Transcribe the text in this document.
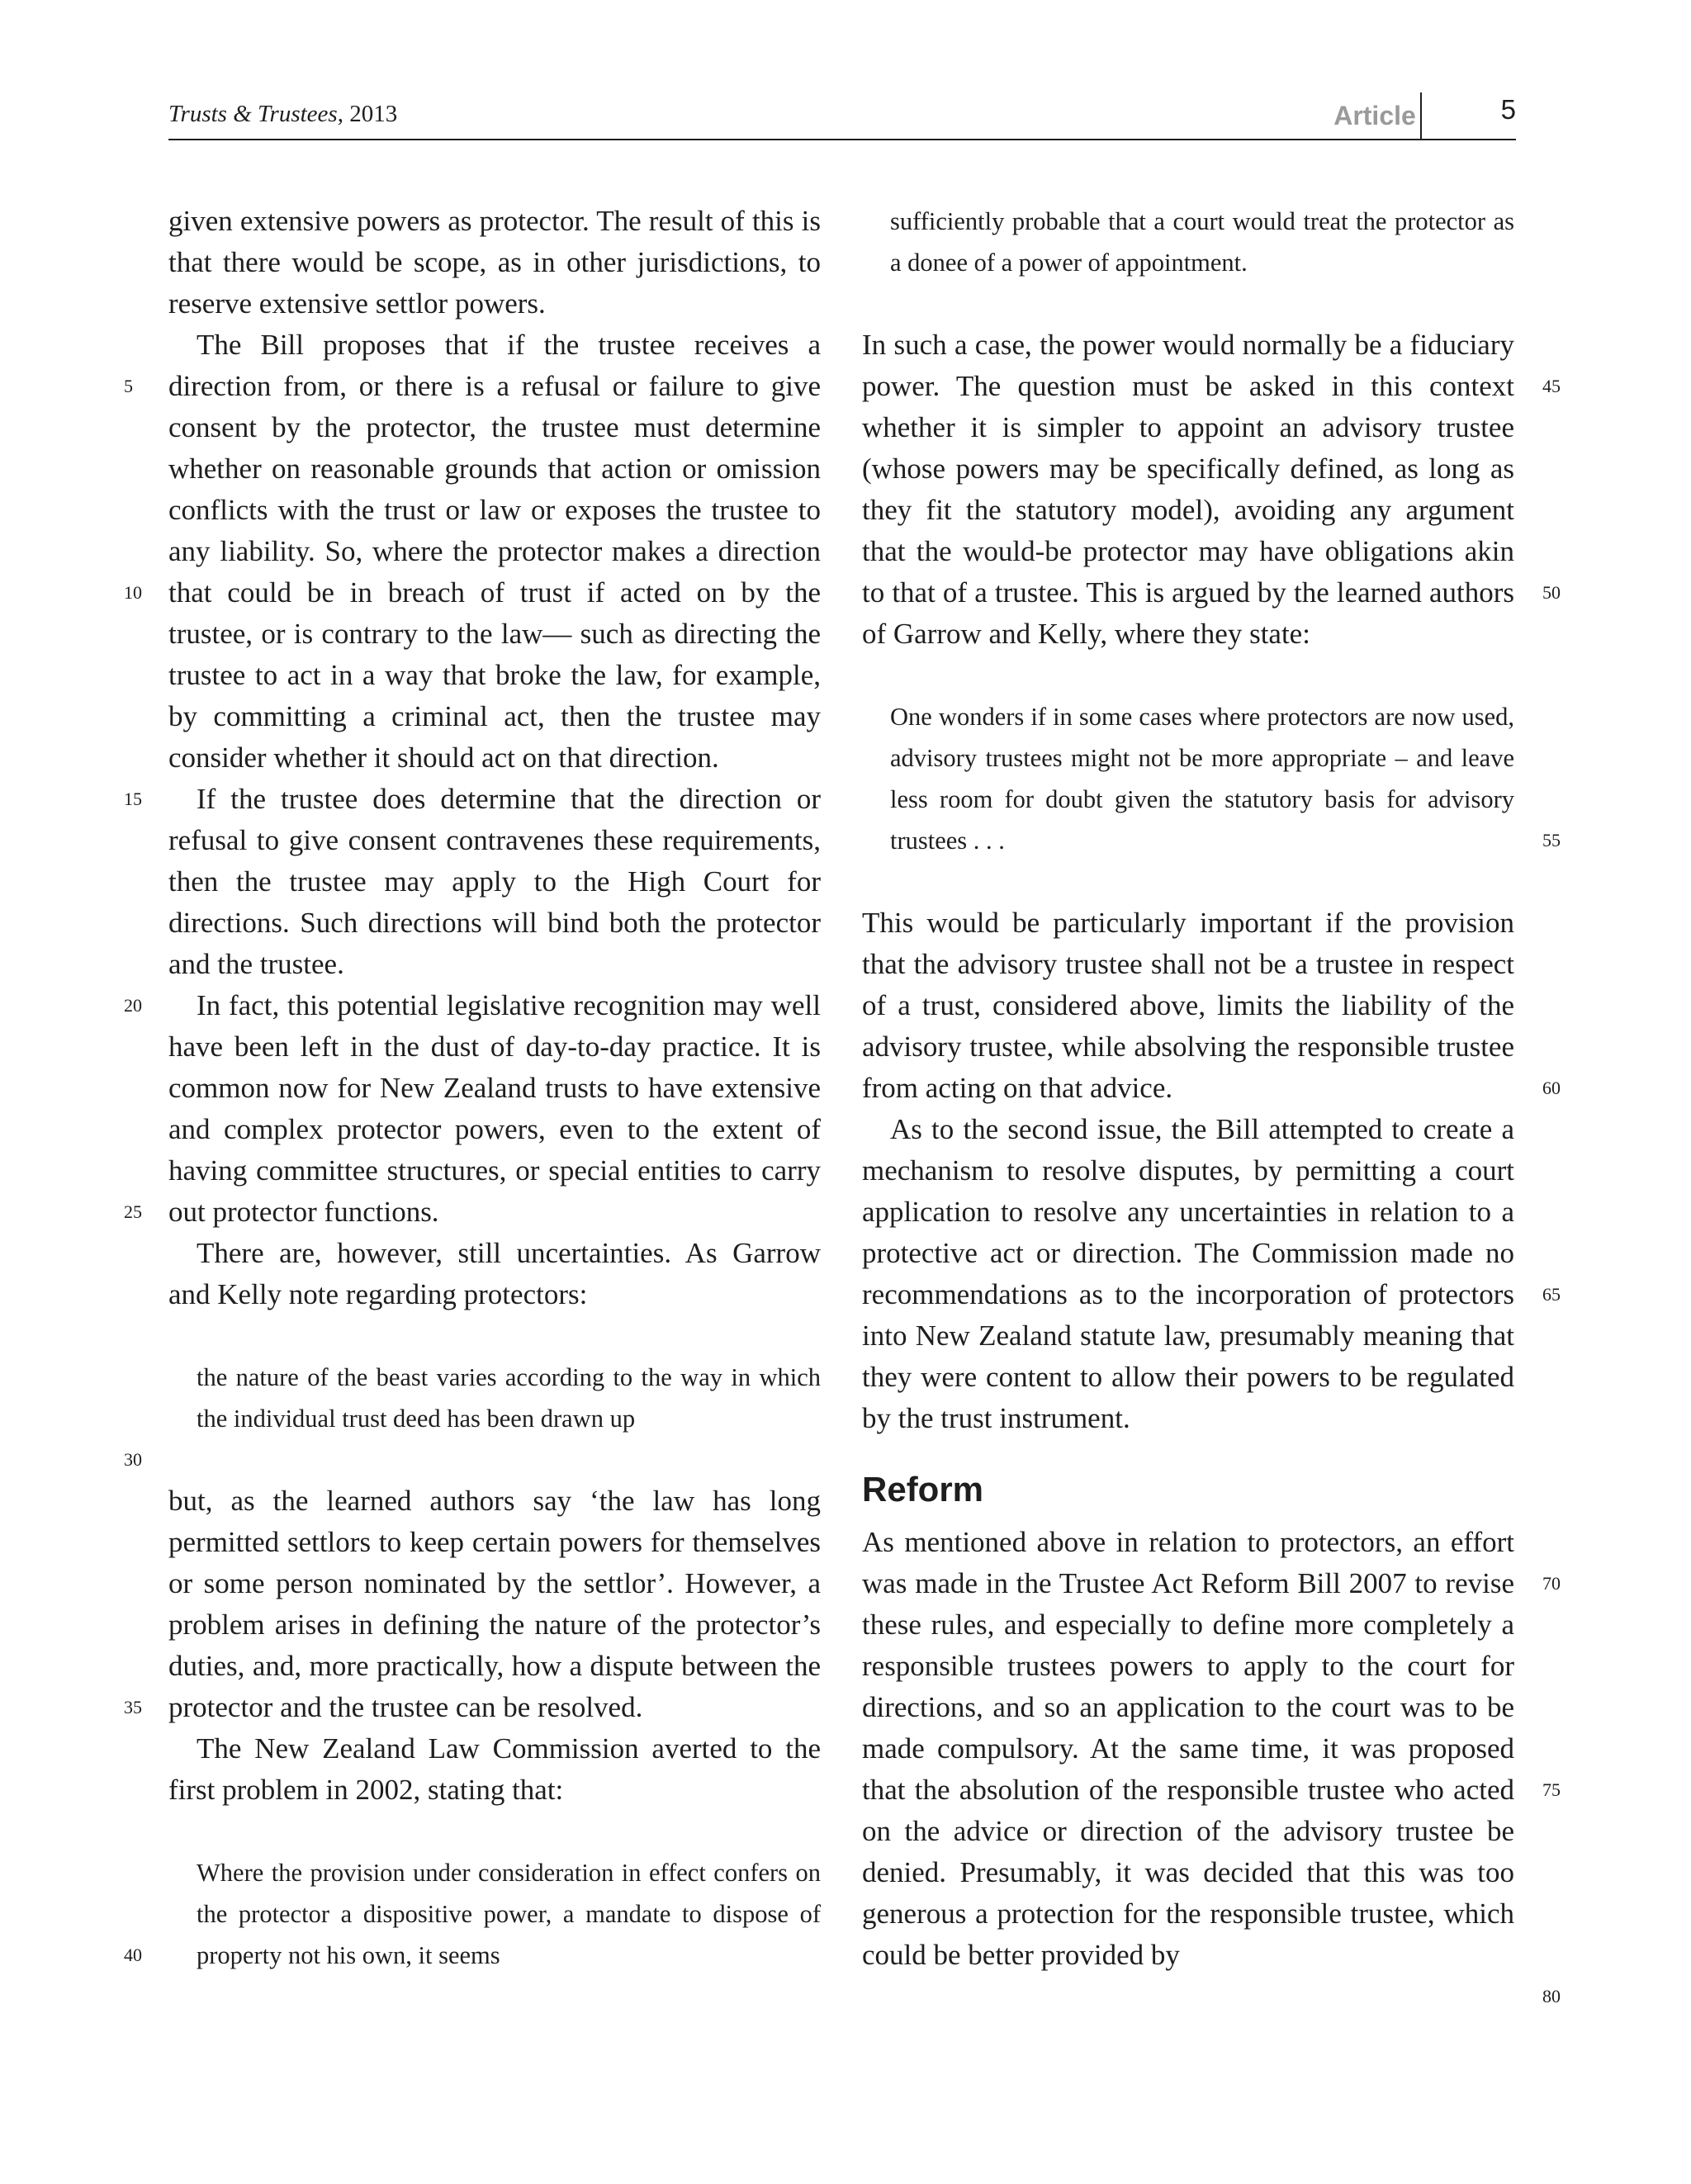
Trusts & Trustees, 2013	Article	5

given extensive powers as protector. The result of this is that there would be scope, as in other jurisdictions, to reserve extensive settlor powers.

The Bill proposes that if the trustee receives a direction from, or there is a refusal or failure to give consent by the protector, the trustee must determine whether on reasonable grounds that action or omission conflicts with the trust or law or exposes the trustee to any liability. So, where the protector makes a direction that could be in breach of trust if acted on by the trustee, or is contrary to the law— such as directing the trustee to act in a way that broke the law, for example, by committing a criminal act, then the trustee may consider whether it should act on that direction.

If the trustee does determine that the direction or refusal to give consent contravenes these requirements, then the trustee may apply to the High Court for directions. Such directions will bind both the protector and the trustee.

In fact, this potential legislative recognition may well have been left in the dust of day-to-day practice. It is common now for New Zealand trusts to have extensive and complex protector powers, even to the extent of having committee structures, or special entities to carry out protector functions.

There are, however, still uncertainties. As Garrow and Kelly note regarding protectors:

the nature of the beast varies according to the way in which the individual trust deed has been drawn up

but, as the learned authors say ‘the law has long permitted settlors to keep certain powers for themselves or some person nominated by the settlor’. However, a problem arises in defining the nature of the protector’s duties, and, more practically, how a dispute between the protector and the trustee can be resolved.

The New Zealand Law Commission averted to the first problem in 2002, stating that:

Where the provision under consideration in effect confers on the protector a dispositive power, a mandate to dispose of property not his own, it seems

sufficiently probable that a court would treat the protector as a donee of a power of appointment.

In such a case, the power would normally be a fiduciary power. The question must be asked in this context whether it is simpler to appoint an advisory trustee (whose powers may be specifically defined, as long as they fit the statutory model), avoiding any argument that the would-be protector may have obligations akin to that of a trustee. This is argued by the learned authors of Garrow and Kelly, where they state:

One wonders if in some cases where protectors are now used, advisory trustees might not be more appropriate – and leave less room for doubt given the statutory basis for advisory trustees . . .

This would be particularly important if the provision that the advisory trustee shall not be a trustee in respect of a trust, considered above, limits the liability of the advisory trustee, while absolving the responsible trustee from acting on that advice.

As to the second issue, the Bill attempted to create a mechanism to resolve disputes, by permitting a court application to resolve any uncertainties in relation to a protective act or direction. The Commission made no recommendations as to the incorporation of protectors into New Zealand statute law, presumably meaning that they were content to allow their powers to be regulated by the trust instrument.

Reform

As mentioned above in relation to protectors, an effort was made in the Trustee Act Reform Bill 2007 to revise these rules, and especially to define more completely a responsible trustees powers to apply to the court for directions, and so an application to the court was to be made compulsory. At the same time, it was proposed that the absolution of the responsible trustee who acted on the advice or direction of the advisory trustee be denied. Presumably, it was decided that this was too generous a protection for the responsible trustee, which could be better provided by

5
10
15
20
25
30
35
40
45
50
55
60
65
70
75
80
